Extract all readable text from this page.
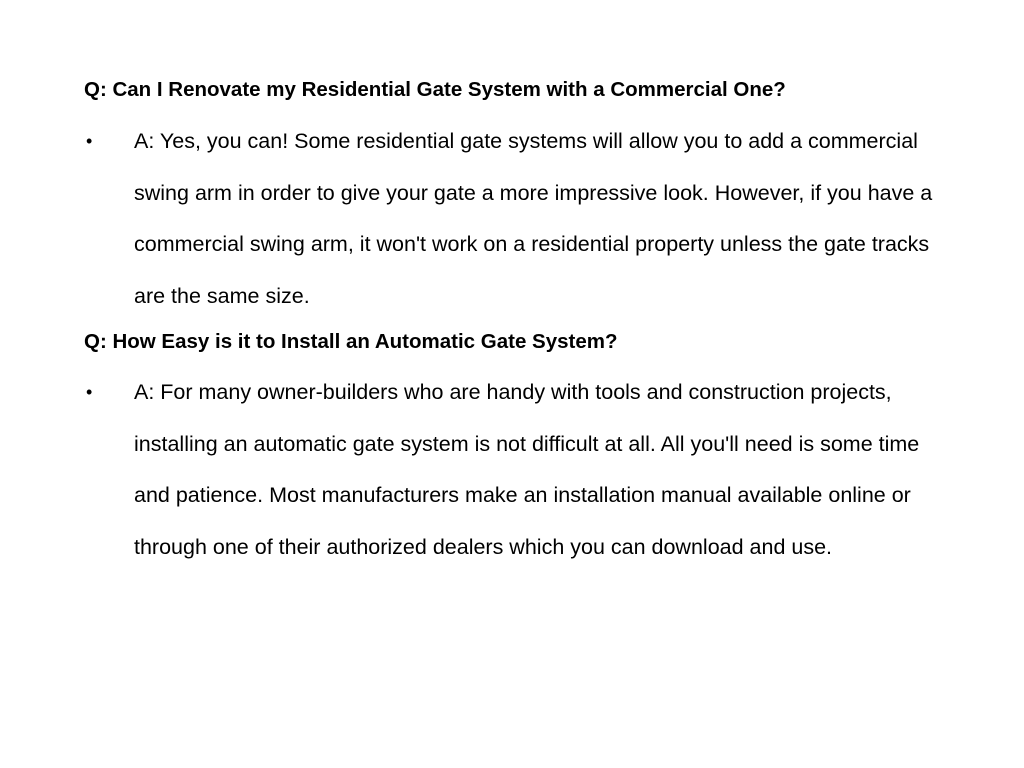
Q: Can I Renovate my Residential Gate System with a Commercial One?

• A: Yes, you can! Some residential gate systems will allow you to add a commercial swing arm in order to give your gate a more impressive look. However, if you have a commercial swing arm, it won't work on a residential property unless the gate tracks are the same size.

Q: How Easy is it to Install an Automatic Gate System?

• A: For many owner-builders who are handy with tools and construction projects, installing an automatic gate system is not difficult at all. All you'll need is some time and patience. Most manufacturers make an installation manual available online or through one of their authorized dealers which you can download and use.
